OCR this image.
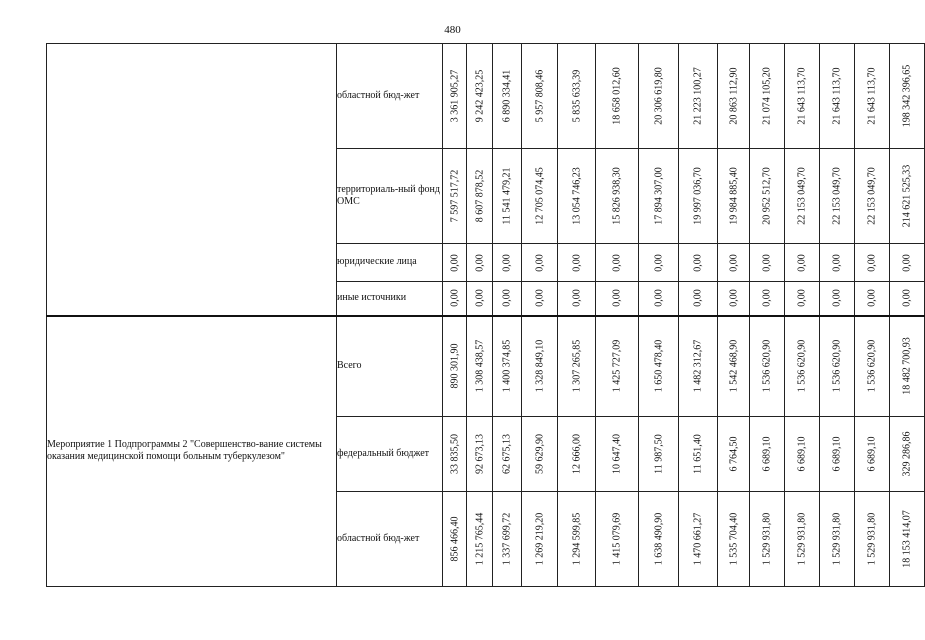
480
	областной бюд-жет	3 361 905,27	9 242 423,25	6 890 334,41	5 957 808,46	5 835 633,39	18 658 012,60	20 306 619,80	21 223 100,27	20 863 112,90	21 074 105,20	21 643 113,70	21 643 113,70	21 643 113,70	198 342 396,65

	территориаль-ный фонд ОМС	7 597 517,72	8 607 878,52	11 541 479,21	12 705 074,45	13 054 746,23	15 826 938,30	17 894 307,00	19 997 036,70	19 984 885,40	20 952 512,70	22 153 049,70	22 153 049,70	22 153 049,70	214 621 525,33

	юридические лица	0,00	0,00	0,00	0,00	0,00	0,00	0,00	0,00	0,00	0,00	0,00	0,00	0,00	0,00

	иные источники	0,00	0,00	0,00	0,00	0,00	0,00	0,00	0,00	0,00	0,00	0,00	0,00	0,00	0,00

Мероприятие 1 Подпрограммы 2 "Совершенство-вание системы оказания медицинской помощи больным туберкулезом"	Всего	890 301,90	1 308 438,57	1 400 374,85	1 328 849,10	1 307 265,85	1 425 727,09	1 650 478,40	1 482 312,67	1 542 468,90	1 536 620,90	1 536 620,90	1 536 620,90	1 536 620,90	18 482 700,93

	федеральный бюджет	33 835,50	92 673,13	62 675,13	59 629,90	12 666,00	10 647,40	11 987,50	11 651,40	6 764,50	6 689,10	6 689,10	6 689,10	6 689,10	329 286,86

	областной бюд-жет	856 466,40	1 215 765,44	1 337 699,72	1 269 219,20	1 294 599,85	1 415 079,69	1 638 490,90	1 470 661,27	1 535 704,40	1 529 931,80	1 529 931,80	1 529 931,80	1 529 931,80	18 153 414,07
